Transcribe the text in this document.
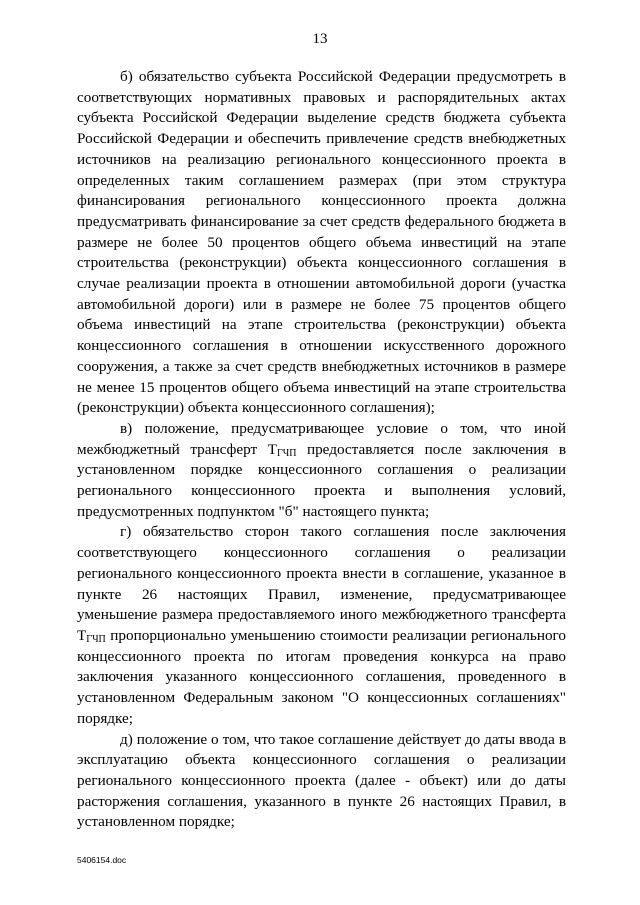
13

б) обязательство субъекта Российской Федерации предусмотреть в соответствующих нормативных правовых и распорядительных актах субъекта Российской Федерации выделение средств бюджета субъекта Российской Федерации и обеспечить привлечение средств внебюджетных источников на реализацию регионального концессионного проекта в определенных таким соглашением размерах (при этом структура финансирования регионального концессионного проекта должна предусматривать финансирование за счет средств федерального бюджета в размере не более 50 процентов общего объема инвестиций на этапе строительства (реконструкции) объекта концессионного соглашения в случае реализации проекта в отношении автомобильной дороги (участка автомобильной дороги) или в размере не более 75 процентов общего объема инвестиций на этапе строительства (реконструкции) объекта концессионного соглашения в отношении искусственного дорожного сооружения, а также за счет средств внебюджетных источников в размере не менее 15 процентов общего объема инвестиций на этапе строительства (реконструкции) объекта концессионного соглашения);

в) положение, предусматривающее условие о том, что иной межбюджетный трансферт $Т_{ГЧП}$ предоставляется после заключения в установленном порядке концессионного соглашения о реализации регионального концессионного проекта и выполнения условий, предусмотренных подпунктом "б" настоящего пункта;

г) обязательство сторон такого соглашения после заключения соответствующего концессионного соглашения о реализации регионального концессионного проекта внести в соглашение, указанное в пункте 26 настоящих Правил, изменение, предусматривающее уменьшение размера предоставляемого иного межбюджетного трансферта $Т_{ГЧП}$ пропорционально уменьшению стоимости реализации регионального концессионного проекта по итогам проведения конкурса на право заключения указанного концессионного соглашения, проведенного в установленном Федеральным законом "О концессионных соглашениях" порядке;

д) положение о том, что такое соглашение действует до даты ввода в эксплуатацию объекта концессионного соглашения о реализации регионального концессионного проекта (далее - объект) или до даты расторжения соглашения, указанного в пункте 26 настоящих Правил, в установленном порядке;

5406154.doc
